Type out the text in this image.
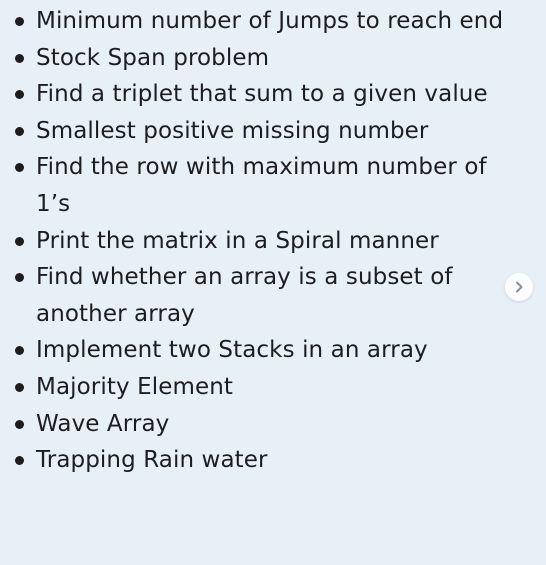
Minimum number of Jumps to reach end
Stock Span problem
Find a triplet that sum to a given value
Smallest positive missing number
Find the row with maximum number of 1’s
Print the matrix in a Spiral manner
Find whether an array is a subset of another array
Implement two Stacks in an array
Majority Element
Wave Array
Trapping Rain water
